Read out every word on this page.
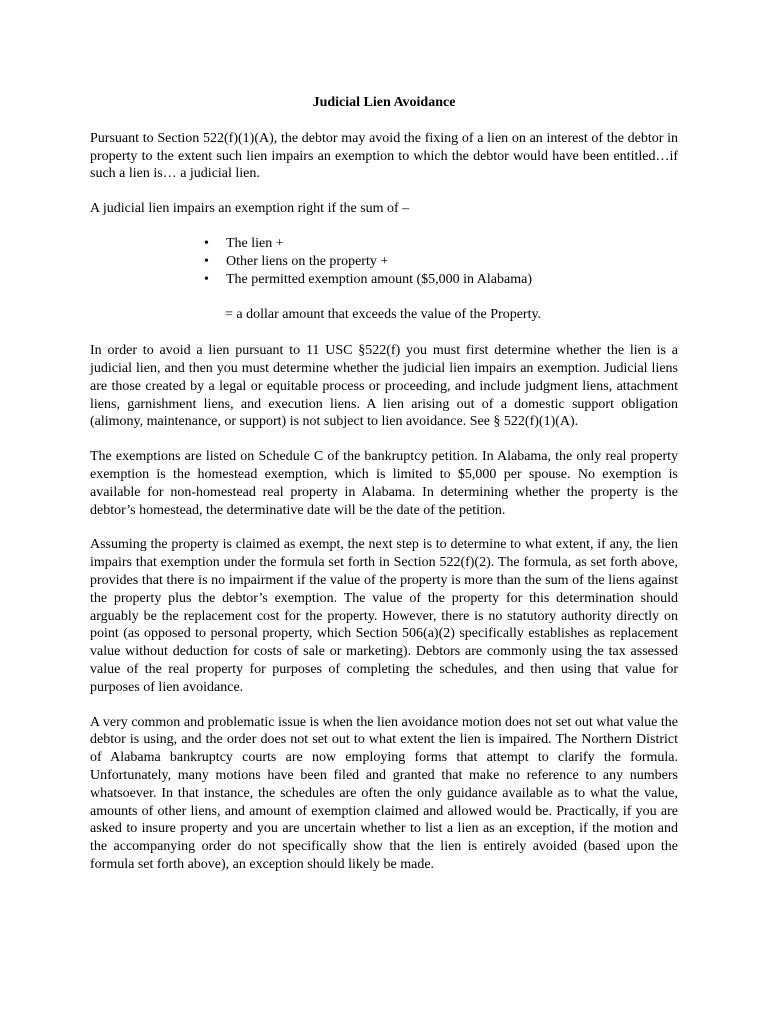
Judicial Lien Avoidance

Pursuant to Section 522(f)(1)(A), the debtor may avoid the fixing of a lien on an interest of the debtor in property to the extent such lien impairs an exemption to which the debtor would have been entitled…if such a lien is… a judicial lien.

A judicial lien impairs an exemption right if the sum of –

• The lien +
• Other liens on the property +
• The permitted exemption amount ($5,000 in Alabama)

= a dollar amount that exceeds the value of the Property.

In order to avoid a lien pursuant to 11 USC §522(f) you must first determine whether the lien is a judicial lien, and then you must determine whether the judicial lien impairs an exemption. Judicial liens are those created by a legal or equitable process or proceeding, and include judgment liens, attachment liens, garnishment liens, and execution liens. A lien arising out of a domestic support obligation (alimony, maintenance, or support) is not subject to lien avoidance. See § 522(f)(1)(A).

The exemptions are listed on Schedule C of the bankruptcy petition. In Alabama, the only real property exemption is the homestead exemption, which is limited to $5,000 per spouse. No exemption is available for non-homestead real property in Alabama. In determining whether the property is the debtor’s homestead, the determinative date will be the date of the petition.

Assuming the property is claimed as exempt, the next step is to determine to what extent, if any, the lien impairs that exemption under the formula set forth in Section 522(f)(2). The formula, as set forth above, provides that there is no impairment if the value of the property is more than the sum of the liens against the property plus the debtor’s exemption. The value of the property for this determination should arguably be the replacement cost for the property. However, there is no statutory authority directly on point (as opposed to personal property, which Section 506(a)(2) specifically establishes as replacement value without deduction for costs of sale or marketing). Debtors are commonly using the tax assessed value of the real property for purposes of completing the schedules, and then using that value for purposes of lien avoidance.

A very common and problematic issue is when the lien avoidance motion does not set out what value the debtor is using, and the order does not set out to what extent the lien is impaired. The Northern District of Alabama bankruptcy courts are now employing forms that attempt to clarify the formula. Unfortunately, many motions have been filed and granted that make no reference to any numbers whatsoever. In that instance, the schedules are often the only guidance available as to what the value, amounts of other liens, and amount of exemption claimed and allowed would be. Practically, if you are asked to insure property and you are uncertain whether to list a lien as an exception, if the motion and the accompanying order do not specifically show that the lien is entirely avoided (based upon the formula set forth above), an exception should likely be made.
